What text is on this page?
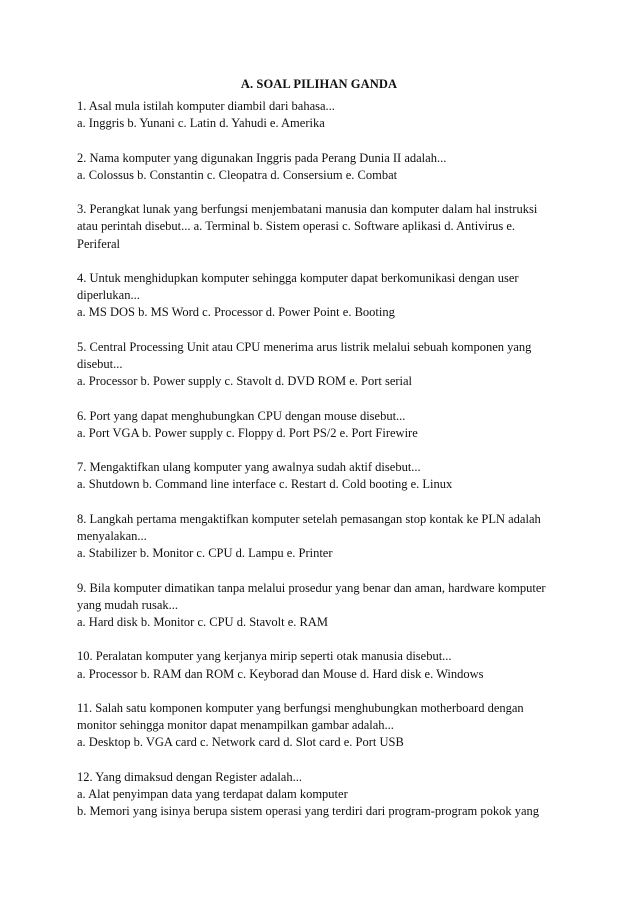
A. SOAL PILIHAN GANDA

1. Asal mula istilah komputer diambil dari bahasa...

a. Inggris b. Yunani c. Latin d. Yahudi e. Amerika

2. Nama komputer yang digunakan Inggris pada Perang Dunia II adalah...

a. Colossus b. Constantin c. Cleopatra d. Consersium e. Combat

3. Perangkat lunak yang berfungsi menjembatani manusia dan komputer dalam hal instruksi

atau perintah disebut... a. Terminal b. Sistem operasi c. Software aplikasi d. Antivirus e.

Periferal

4. Untuk menghidupkan komputer sehingga komputer dapat berkomunikasi dengan user

diperlukan...

a. MS DOS b. MS Word c. Processor d. Power Point e. Booting

5. Central Processing Unit atau CPU menerima arus listrik melalui sebuah komponen yang

disebut...

a. Processor b. Power supply c. Stavolt d. DVD ROM e. Port serial

6. Port yang dapat menghubungkan CPU dengan mouse disebut...

a. Port VGA b. Power supply c. Floppy d. Port PS/2 e. Port Firewire

7. Mengaktifkan ulang komputer yang awalnya sudah aktif disebut...

a. Shutdown b. Command line interface c. Restart d. Cold booting e. Linux

8. Langkah pertama mengaktifkan komputer setelah pemasangan stop kontak ke PLN adalah

menyalakan...

a. Stabilizer b. Monitor c. CPU d. Lampu e. Printer

9. Bila komputer dimatikan tanpa melalui prosedur yang benar dan aman, hardware komputer

yang mudah rusak...

a. Hard disk b. Monitor c. CPU d. Stavolt e. RAM

10. Peralatan komputer yang kerjanya mirip seperti otak manusia disebut...

a. Processor b. RAM dan ROM c. Keyborad dan Mouse d. Hard disk e. Windows

11. Salah satu komponen komputer yang berfungsi menghubungkan motherboard dengan

monitor sehingga monitor dapat menampilkan gambar adalah...

a. Desktop b. VGA card c. Network card d. Slot card e. Port USB

12. Yang dimaksud dengan Register adalah...

a. Alat penyimpan data yang terdapat dalam komputer

b. Memori yang isinya berupa sistem operasi yang terdiri dari program-program pokok yang
